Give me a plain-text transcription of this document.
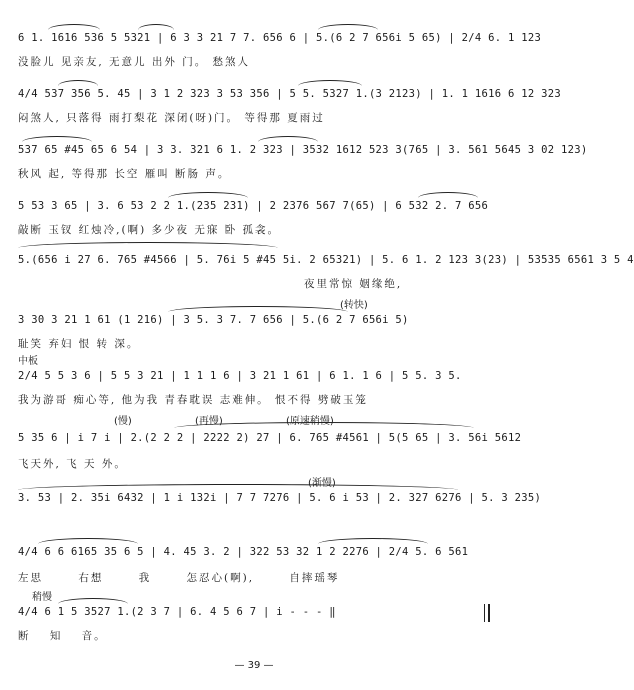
6 1. 1616 536 5 5321 | 6 3 3 21 7 7. 656 6 | 5.(6 2 7 656i 5 65) | 2/4 6. 1 123
没脸儿 见亲友, 无意儿 出外 门。 愁煞人
4/4 537 356 5. 45 | 3 1 2 323 3 53 356 | 5 5. 5327 1.(3 2123) | 1. 1 1616 6 12 323
闷煞人, 只落得 雨打梨花 深闭(呀)门。 等得那 夏雨过
537 65 #45 65 6 54 | 3 3. 321 6 1. 2 323 | 3532 1612 523 3(765 | 3. 561 5645 3 02 123)
秋风 起, 等得那 长空 雁叫 断肠 声。
5 53 3 65 | 3. 6 53 2 2 1.(235 231) | 2 2376 567 7(65) | 6 532 2. 7 656
敲断 玉钗 红烛冷,(啊) 多少夜 无寐 卧 孤衾。
5.(656 i 27 6. 765 #4566 | 5. 76i 5 #45 5i. 2 65321) | 5. 6 1. 2 123 3(23) | 53535 6561 3 5 4
夜里常惊 姻缘绝,
(转快)
3 30 3 21 1 61 (1 216) | 3 5. 3 7. 7 656 | 5.(6 2 7 656i 5)
耻笑 弃妇 恨 转 深。
中板
2/4 5 5 3 6 | 5 5 3 21 | 1 1 1 6 | 3 21 1 61 | 6 1. 1 6 | 5 5. 3 5.
我为游哥 痴心等, 他为我 青春耽误 志难伸。 恨不得 劈破玉笼
(慢) (再慢) (原速稍慢)
5 35 6 | i 7 i | 2.(2 2 2 | 2222 2) 27 | 6. 765 #4561 | 5(5 65 | 3. 56i 5612
飞天外, 飞 天 外。
(渐慢)
3. 53 | 2. 35i 6432 | 1 i 132i | 7 7 7276 | 5. 6 i 53 | 2. 327 6276 | 5. 3 235)
4/4 6 6 6165 35 6 5 | 4. 45 3. 2 | 322 53 32 1 2 2276 | 2/4 5. 6 561
左思 右想 我 怎忍心(啊), 自摔瑶琴
稍慢
4/4 6 1 5 3527 1.(2 3 7 | 6. 4 5 6 7 | i - - - ‖
断 知 音。
— 39 —
